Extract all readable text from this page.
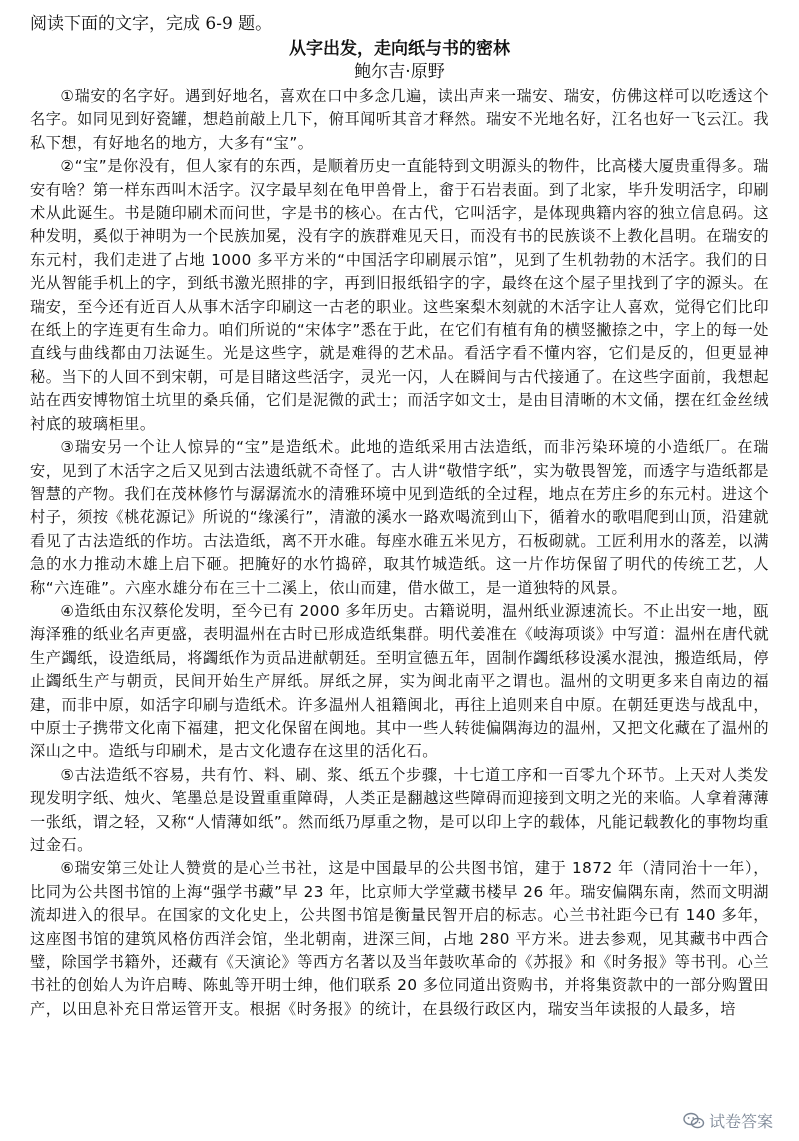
阅读下面的文字，完成 6-9 题。

从字出发，走向纸与书的密林

鲍尔吉·原野

①瑞安的名字好。遇到好地名，喜欢在口中多念几遍，读出声来一瑞安、瑞安，仿佛这样可以吃透这个名字。如同见到好瓷罐，想趋前敲上几下，俯耳闻听其音才释然。瑞安不光地名好，江名也好一飞云江。我私下想，有好地名的地方，大多有“宝”。

②“宝”是你没有，但人家有的东西，是顺着历史一直能特到文明源头的物件，比高楼大厦贵重得多。瑞安有啥？第一样东西叫木活字。汉字最早刻在龟甲兽骨上，畲于石岩表面。到了北家，毕升发明活字，印刷术从此诞生。书是随印刷术而问世，字是书的核心。在古代，它叫活字，是体现典籍内容的独立信息码。这种发明，奚似于神明为一个民族加冕，没有字的族群难见天日，而没有书的民族谈不上教化昌明。在瑞安的东元村，我们走进了占地 1000 多平方米的“中国活字印刷展示馆”，见到了生机勃勃的木活字。我们的日光从智能手机上的字，到纸书激光照排的字，再到旧报纸铅字的字，最终在这个屋子里找到了字的源头。在瑞安，至今还有近百人从事木活字印刷这一古老的职业。这些案梨木刻就的木活字让人喜欢，觉得它们比印在纸上的字连更有生命力。咱们所说的“宋体字”悉在于此，在它们有植有角的横竖撇捺之中，字上的每一处直线与曲线都由刀法诞生。光是这些字，就是难得的艺术品。看活字看不懂内容，它们是反的，但更显神秘。当下的人回不到宋朝，可是目睹这些活字，灵光一闪，人在瞬间与古代接通了。在这些字面前，我想起站在西安博物馆土坑里的桑兵俑，它们是泥微的武士；而活字如文士，是由目清晰的木文俑，摆在红金丝绒衬底的玻璃柜里。

③瑞安另一个让人惊异的“宝”是造纸术。此地的造纸采用古法造纸，而非污染环境的小造纸厂。在瑞安，见到了木活字之后又见到古法遗纸就不奇怪了。古人讲“敬惜字纸”，实为敬畏智笼，而透字与造纸都是智慧的产物。我们在茂林修竹与潺潺流水的清雅环境中见到造纸的全过程，地点在芳庄乡的东元村。进这个村子，须按《桃花源记》所说的“缘溪行”，清澈的溪水一路欢喝流到山下，循着水的歌唱爬到山顶，沿建就看见了古法造纸的作坊。古法造纸，离不开水碓。每座水碓五米见方，石板砌就。工匠利用水的落差，以满急的水力推动木雄上启下砸。把腌好的水竹捣碎，取其竹城造纸。这一片作坊保留了明代的传统工艺，人称“六连碓”。六座水雄分布在三十二溪上，依山而建，借水做工，是一道独特的风景。

④造纸由东汉蔡伦发明，至今已有 2000 多年历史。古籍说明，温州纸业源速流长。不止出安一地，瓯海泽雅的纸业名声更盛，表明温州在古时已形成造纸集群。明代姜准在《岐海项谈》中写道：温州在唐代就生产蠲纸，设造纸局，将蠲纸作为贡品进献朝廷。至明宣德五年，固制作蠲纸移设溪水混浊，搬造纸局，停止蠲纸生产与朝贡，民间开始生产屏纸。屏纸之屏，实为闽北南平之谓也。温州的文明更多来自南边的福建，而非中原，如活字印刷与造纸术。许多温州人祖籍闽北，再往上追则来自中原。在朝廷更迭与战乱中，中原士子携带文化南下福建，把文化保留在闽地。其中一些人转徙偏隅海边的温州，又把文化藏在了温州的深山之中。造纸与印刷术，是古文化遗存在这里的活化石。

⑤古法造纸不容易，共有竹、料、刷、浆、纸五个步骤，十七道工序和一百零九个环节。上天对人类发现发明字纸、烛火、笔墨总是设置重重障碍，人类正是翻越这些障碍而迎接到文明之光的来临。人拿着薄薄一张纸，谓之轻，又称“人情薄如纸”。然而纸乃厚重之物，是可以印上字的载体，凡能记载教化的事物均重过金石。

⑥瑞安第三处让人赞赏的是心兰书社，这是中国最早的公共图书馆，建于 1872 年（清同治十一年），比同为公共图书馆的上海“强学书藏”早 23 年，比京师大学堂藏书楼早 26 年。瑞安偏隅东南，然而文明湖流却进入的很早。在国家的文化史上，公共图书馆是衡量民智开启的标志。心兰书社距今已有 140 多年，这座图书馆的建筑风格仿西洋会馆，坐北朝南，进深三间，占地 280 平方米。进去参观，见其藏书中西合璧，除国学书籍外，还藏有《天演论》等西方名著以及当年鼓吹革命的《苏报》和《时务报》等书刊。心兰书社的创始人为许启畴、陈虬等开明士绅，他们联系 20 多位同道出资购书，并将集资款中的一部分购置田产，以田息补充日常运管开支。根据《时务报》的统计，在县级行政区内，瑞安当年读报的人最多，培

试卷答案
